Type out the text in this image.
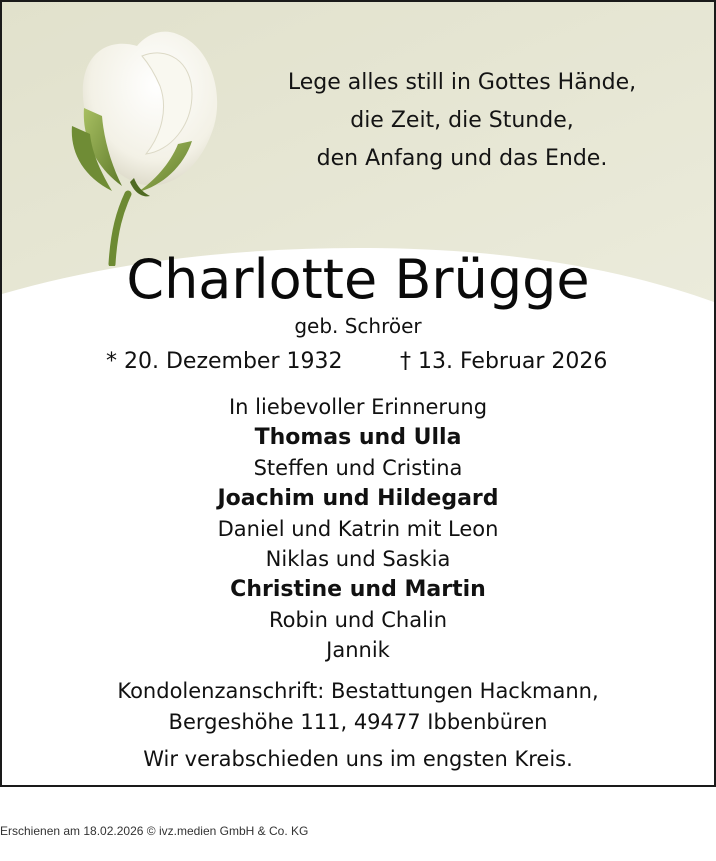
Lege alles still in Gottes Hände,
die Zeit, die Stunde,
den Anfang und das Ende.
Charlotte Brügge
geb. Schröer
* 20. Dezember 1932	† 13. Februar 2026
In liebevoller Erinnerung
Thomas und Ulla
Steffen und Cristina
Joachim und Hildegard
Daniel und Katrin mit Leon
Niklas und Saskia
Christine und Martin
Robin und Chalin
Jannik
Kondolenzanschrift: Bestattungen Hackmann,
Bergeshöhe 111, 49477 Ibbenbüren
Wir verabschieden uns im engsten Kreis.
Erschienen am 18.02.2026 © ivz.medien GmbH & Co. KG
